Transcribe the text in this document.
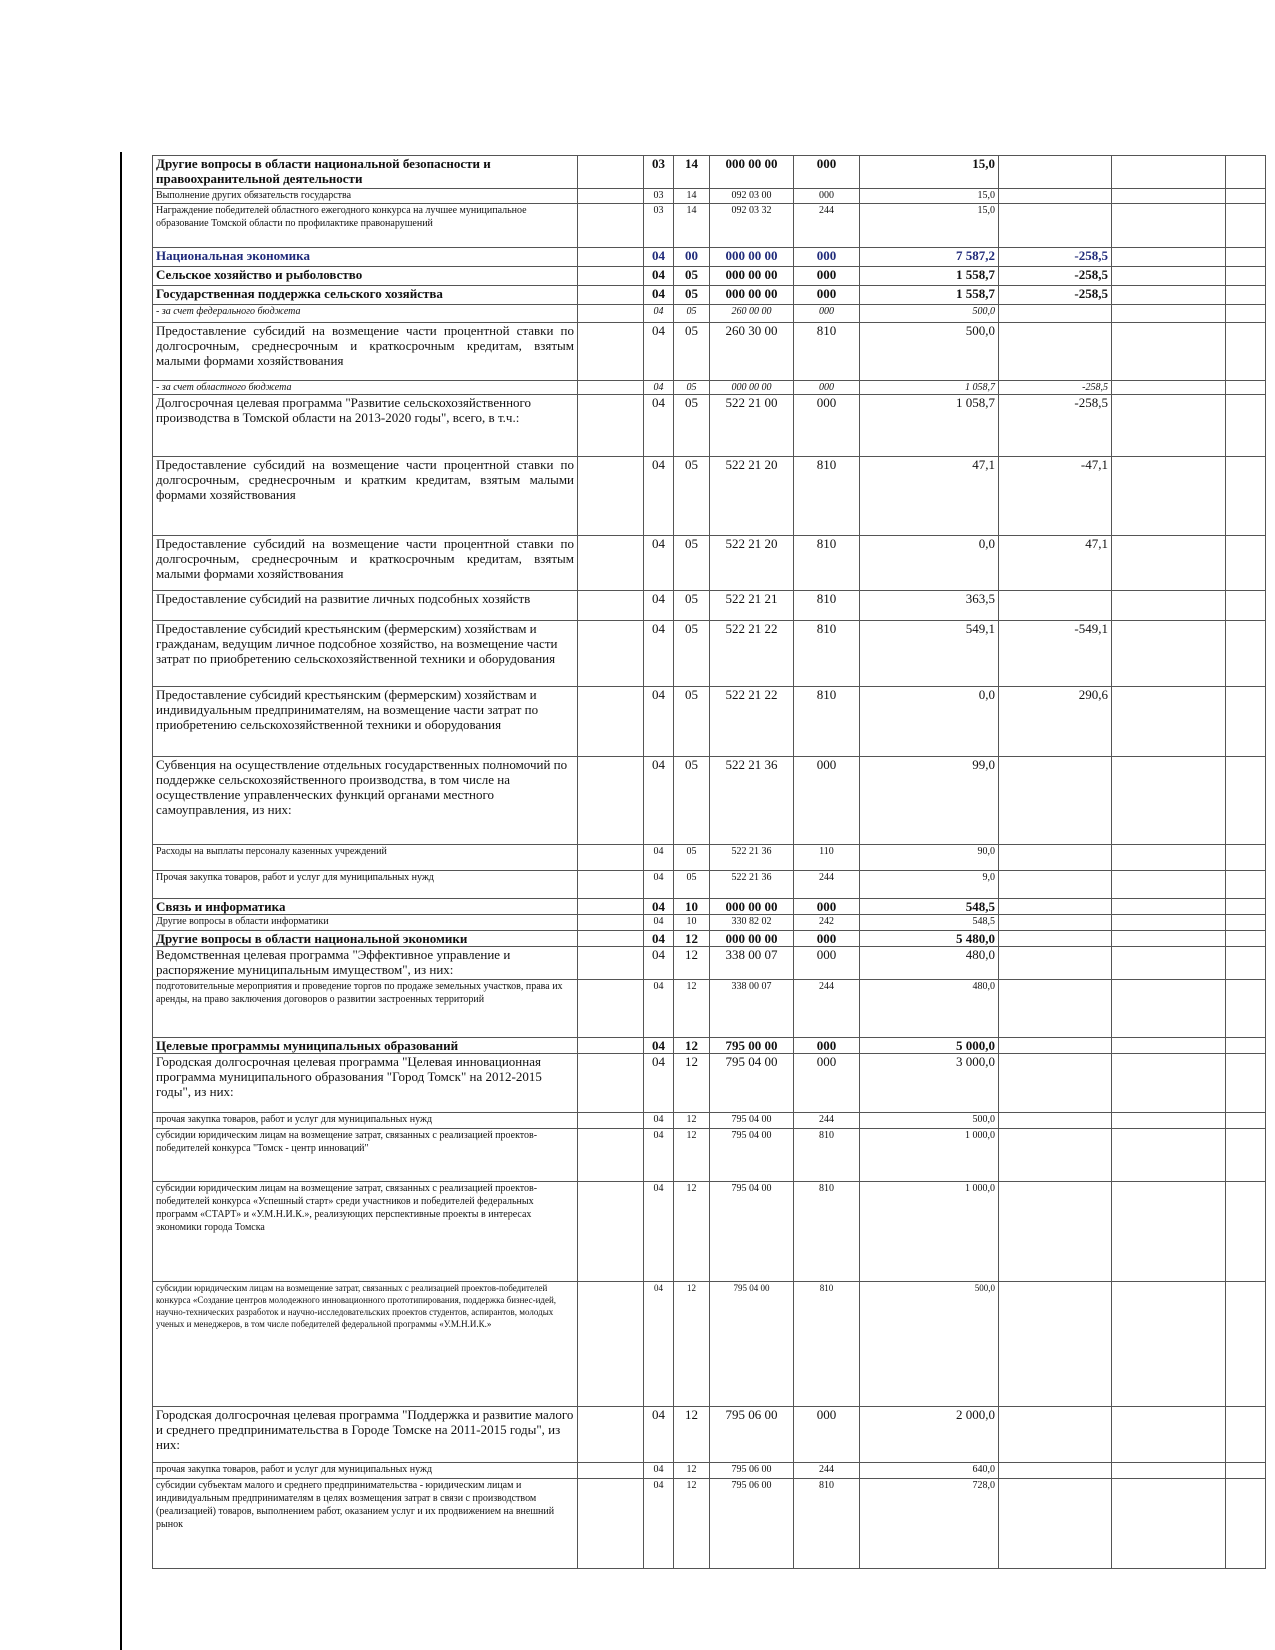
Другие вопросы в области национальной безопасности и правоохранительной деятельности		03	14	000 00 00	000	15,0			
Выполнение других обязательств государства		03	14	092 03 00	000	15,0			
Награждение победителей областного ежегодного конкурса на лучшее муниципальное образование Томской области по профилактике правонарушений		03	14	092 03 32	244	15,0			
Национальная экономика		04	00	000 00 00	000	7 587,2	-258,5		
Сельское хозяйство и рыболовство		04	05	000 00 00	000	1 558,7	-258,5		
Государственная поддержка сельского хозяйства		04	05	000 00 00	000	1 558,7	-258,5		
- за счет федерального бюджета		04	05	260 00 00	000	500,0			
Предоставление субсидий на возмещение части процентной ставки по долгосрочным, среднесрочным и краткосрочным кредитам, взятым малыми формами хозяйствования		04	05	260 30 00	810	500,0			
- за счет областного бюджета		04	05	000 00 00	000	1 058,7	-258,5		
Долгосрочная целевая программа "Развитие сельскохозяйственного производства в Томской области на 2013-2020 годы", всего, в т.ч.:		04	05	522 21 00	000	1 058,7	-258,5		
Предоставление субсидий на возмещение части процентной ставки по долгосрочным, среднесрочным и кратким кредитам, взятым малыми формами хозяйствования		04	05	522 21 20	810	47,1	-47,1		
Предоставление субсидий на возмещение части процентной ставки по долгосрочным, среднесрочным и краткосрочным кредитам, взятым малыми формами хозяйствования		04	05	522 21 20	810	0,0	47,1		
Предоставление субсидий на развитие личных подсобных хозяйств		04	05	522 21 21	810	363,5			
Предоставление субсидий крестьянским (фермерским) хозяйствам и гражданам, ведущим личное подсобное хозяйство, на возмещение части затрат по приобретению сельскохозяйственной техники и оборудования		04	05	522 21 22	810	549,1	-549,1		
Предоставление субсидий крестьянским (фермерским) хозяйствам и индивидуальным предпринимателям, на возмещение части затрат по приобретению сельскохозяйственной техники и оборудования		04	05	522 21 22	810	0,0	290,6		
Субвенция на осуществление отдельных государственных полномочий по поддержке сельскохозяйственного производства, в том числе на осуществление управленческих функций органами местного самоуправления, из них:		04	05	522 21 36	000	99,0			
Расходы на выплаты персоналу казенных учреждений		04	05	522 21 36	110	90,0			
Прочая закупка товаров, работ и услуг для муниципальных нужд		04	05	522 21 36	244	9,0			
Связь и информатика		04	10	000 00 00	000	548,5			
Другие вопросы в области информатики		04	10	330 82 02	242	548,5			
Другие вопросы в области национальной экономики		04	12	000 00 00	000	5 480,0			
Ведомственная целевая программа "Эффективное управление и распоряжение муниципальным имуществом", из них:		04	12	338 00 07	000	480,0			
подготовительные мероприятия и проведение торгов по продаже земельных участков, права их аренды, на право заключения договоров о развитии застроенных территорий		04	12	338 00 07	244	480,0			
Целевые программы муниципальных образований		04	12	795 00 00	000	5 000,0			
Городская долгосрочная целевая программа "Целевая инновационная программа муниципального образования "Город Томск" на 2012-2015 годы", из них:		04	12	795 04 00	000	3 000,0			
прочая закупка товаров, работ и услуг для муниципальных нужд		04	12	795 04 00	244	500,0			
субсидии юридическим лицам на возмещение затрат, связанных с реализацией проектов-победителей конкурса "Томск - центр инноваций"		04	12	795 04 00	810	1 000,0			
субсидии юридическим лицам на возмещение затрат, связанных с реализацией проектов-победителей конкурса «Успешный старт» среди участников и победителей федеральных программ «СТАРТ» и «У.М.Н.И.К.», реализующих перспективные проекты в интересах экономики города Томска		04	12	795 04 00	810	1 000,0			
субсидии юридическим лицам на возмещение затрат, связанных с реализацией проектов-победителей конкурса «Создание центров молодежного инновационного прототипирования, поддержка бизнес-идей, научно-технических разработок и научно-исследовательских проектов студентов, аспирантов, молодых ученых и менеджеров, в том числе победителей федеральной программы «У.М.Н.И.К.»		04	12	795 04 00	810	500,0			
Городская долгосрочная целевая программа "Поддержка и развитие малого и среднего предпринимательства в Городе Томске на 2011-2015 годы", из них:		04	12	795 06 00	000	2 000,0			
прочая закупка товаров, работ и услуг для муниципальных нужд		04	12	795 06 00	244	640,0			
субсидии субъектам малого и среднего предпринимательства - юридическим лицам и индивидуальным предпринимателям в целях возмещения затрат в связи с производством (реализацией) товаров, выполнением работ, оказанием услуг и их продвижением на внешний рынок		04	12	795 06 00	810	728,0			
